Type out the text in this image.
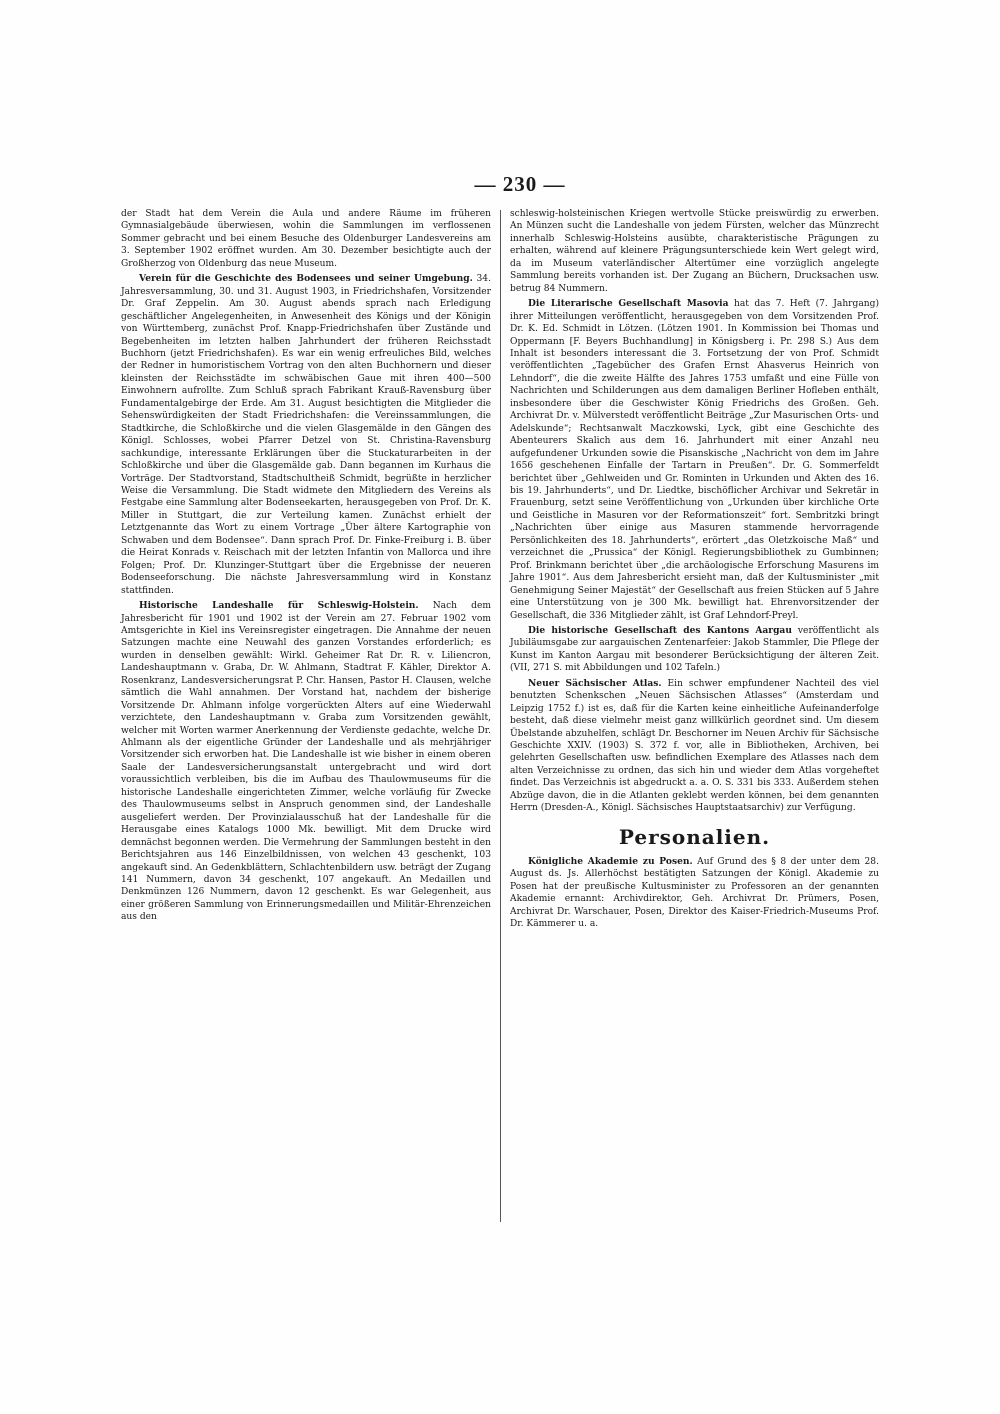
— 230 —

der Stadt hat dem Verein die Aula und andere Räume im früheren Gymnasialgebäude überwiesen, wohin die Sammlungen im verflossenen Sommer gebracht und bei einem Besuche des Oldenburger Landesvereins am 3. September 1902 eröffnet wurden. Am 30. Dezember besichtigte auch der Großherzog von Oldenburg das neue Museum.

Verein für die Geschichte des Bodensees und seiner Umgebung. 34. Jahresversammlung, 30. und 31. August 1903, in Friedrichshafen, Vorsitzender Dr. Graf Zeppelin. Am 30. August abends sprach nach Erledigung geschäftlicher Angelegenheiten, in Anwesenheit des Königs und der Königin von Württemberg, zunächst Prof. Knapp-Friedrichshafen über Zustände und Begebenheiten im letzten halben Jahrhundert der früheren Reichsstadt Buchhorn (jetzt Friedrichshafen). Es war ein wenig erfreuliches Bild, welches der Redner in humoristischem Vortrag von den alten Buchhornern und dieser kleinsten der Reichsstädte im schwäbischen Gaue mit ihren 400—500 Einwohnern aufrollte. Zum Schluß sprach Fabrikant Krauß-Ravensburg über Fundamentalgebirge der Erde. Am 31. August besichtigten die Mitglieder die Sehenswürdigkeiten der Stadt Friedrichshafen: die Vereinssammlungen, die Stadtkirche, die Schloßkirche und die vielen Glasgemälde in den Gängen des Königl. Schlosses, wobei Pfarrer Detzel von St. Christina-Ravensburg sachkundige, interessante Erklärungen über die Stuckaturarbeiten in der Schloßkirche und über die Glasgemälde gab. Dann begannen im Kurhaus die Vorträge. Der Stadtvorstand, Stadtschultheiß Schmidt, begrüßte in herzlicher Weise die Versammlung. Die Stadt widmete den Mitgliedern des Vereins als Festgabe eine Sammlung alter Bodenseekarten, herausgegeben von Prof. Dr. K. Miller in Stuttgart, die zur Verteilung kamen. Zunächst erhielt der Letztgenannte das Wort zu einem Vortrage „Über ältere Kartographie von Schwaben und dem Bodensee“. Dann sprach Prof. Dr. Finke-Freiburg i. B. über die Heirat Konrads v. Reischach mit der letzten Infantin von Mallorca und ihre Folgen; Prof. Dr. Klunzinger-Stuttgart über die Ergebnisse der neueren Bodenseeforschung. Die nächste Jahresversammlung wird in Konstanz stattfinden.

Historische Landeshalle für Schleswig-Holstein. Nach dem Jahresbericht für 1901 und 1902 ist der Verein am 27. Februar 1902 vom Amtsgerichte in Kiel ins Vereinsregister eingetragen. Die Annahme der neuen Satzungen machte eine Neuwahl des ganzen Vorstandes erforderlich; es wurden in denselben gewählt: Wirkl. Geheimer Rat Dr. R. v. Liliencron, Landeshauptmann v. Graba, Dr. W. Ahlmann, Stadtrat F. Kähler, Direktor A. Rosenkranz, Landesversicherungsrat P. Chr. Hansen, Pastor H. Clausen, welche sämtlich die Wahl annahmen. Der Vorstand hat, nachdem der bisherige Vorsitzende Dr. Ahlmann infolge vorgerückten Alters auf eine Wiederwahl verzichtete, den Landeshauptmann v. Graba zum Vorsitzenden gewählt, welcher mit Worten warmer Anerkennung der Verdienste gedachte, welche Dr. Ahlmann als der eigentliche Gründer der Landeshalle und als mehrjähriger Vorsitzender sich erworben hat. Die Landeshalle ist wie bisher in einem oberen Saale der Landesversicherungsanstalt untergebracht und wird dort voraussichtlich verbleiben, bis die im Aufbau des Thaulowmuseums für die historische Landeshalle eingerichteten Zimmer, welche vorläufig für Zwecke des Thaulowmuseums selbst in Anspruch genommen sind, der Landeshalle ausgeliefert werden. Der Provinzialausschuß hat der Landeshalle für die Herausgabe eines Katalogs 1000 Mk. bewilligt. Mit dem Drucke wird demnächst begonnen werden. Die Vermehrung der Sammlungen besteht in den Berichtsjahren aus 146 Einzelbildnissen, von welchen 43 geschenkt, 103 angekauft sind. An Gedenkblättern, Schlachtenbildern usw. beträgt der Zugang 141 Nummern, davon 34 geschenkt, 107 angekauft. An Medaillen und Denkmünzen 126 Nummern, davon 12 geschenkt. Es war Gelegenheit, aus einer größeren Sammlung von Erinnerungsmedaillen und Militär-Ehrenzeichen aus den

schleswig-holsteinischen Kriegen wertvolle Stücke preiswürdig zu erwerben. An Münzen sucht die Landeshalle von jedem Fürsten, welcher das Münzrecht innerhalb Schleswig-Holsteins ausübte, charakteristische Prägungen zu erhalten, während auf kleinere Prägungsunterschiede kein Wert gelegt wird, da im Museum vaterländischer Altertümer eine vorzüglich angelegte Sammlung bereits vorhanden ist. Der Zugang an Büchern, Drucksachen usw. betrug 84 Nummern.

Die Literarische Gesellschaft Masovia hat das 7. Heft (7. Jahrgang) ihrer Mitteilungen veröffentlicht, herausgegeben von dem Vorsitzenden Prof. Dr. K. Ed. Schmidt in Lötzen. (Lötzen 1901. In Kommission bei Thomas und Oppermann [F. Beyers Buchhandlung] in Königsberg i. Pr. 298 S.) Aus dem Inhalt ist besonders interessant die 3. Fortsetzung der von Prof. Schmidt veröffentlichten „Tagebücher des Grafen Ernst Ahasverus Heinrich von Lehndorf“, die die zweite Hälfte des Jahres 1753 umfaßt und eine Fülle von Nachrichten und Schilderungen aus dem damaligen Berliner Hofleben enthält, insbesondere über die Geschwister König Friedrichs des Großen. Geh. Archivrat Dr. v. Mülverstedt veröffentlicht Beiträge „Zur Masurischen Orts- und Adelskunde“; Rechtsanwalt Maczkowski, Lyck, gibt eine Geschichte des Abenteurers Skalich aus dem 16. Jahrhundert mit einer Anzahl neu aufgefundener Urkunden sowie die Pisanskische „Nachricht von dem im Jahre 1656 geschehenen Einfalle der Tartarn in Preußen“. Dr. G. Sommerfeldt berichtet über „Gehlweiden und Gr. Rominten in Urkunden und Akten des 16. bis 19. Jahrhunderts“, und Dr. Liedtke, bischöflicher Archivar und Sekretär in Frauenburg, setzt seine Veröffentlichung von „Urkunden über kirchliche Orte und Geistliche in Masuren vor der Reformationszeit“ fort. Sembritzki bringt „Nachrichten über einige aus Masuren stammende hervorragende Persönlichkeiten des 18. Jahrhunderts“, erörtert „das Oletzkoische Maß“ und verzeichnet die „Prussica“ der Königl. Regierungsbibliothek zu Gumbinnen; Prof. Brinkmann berichtet über „die archäologische Erforschung Masurens im Jahre 1901“. Aus dem Jahresbericht ersieht man, daß der Kultusminister „mit Genehmigung Seiner Majestät“ der Gesellschaft aus freien Stücken auf 5 Jahre eine Unterstützung von je 300 Mk. bewilligt hat. Ehrenvorsitzender der Gesellschaft, die 336 Mitglieder zählt, ist Graf Lehndorf-Preyl.

Die historische Gesellschaft des Kantons Aargau veröffentlicht als Jubiläumsgabe zur aargauischen Zentenarfeier: Jakob Stammler, Die Pflege der Kunst im Kanton Aargau mit besonderer Berücksichtigung der älteren Zeit. (VII, 271 S. mit Abbildungen und 102 Tafeln.)

Neuer Sächsischer Atlas. Ein schwer empfundener Nachteil des viel benutzten Schenkschen „Neuen Sächsischen Atlasses“ (Amsterdam und Leipzig 1752 f.) ist es, daß für die Karten keine einheitliche Aufeinanderfolge besteht, daß diese vielmehr meist ganz willkürlich geordnet sind. Um diesem Übelstande abzuhelfen, schlägt Dr. Beschorner im Neuen Archiv für Sächsische Geschichte XXIV. (1903) S. 372 f. vor, alle in Bibliotheken, Archiven, bei gelehrten Gesellschaften usw. befindlichen Exemplare des Atlasses nach dem alten Verzeichnisse zu ordnen, das sich hin und wieder dem Atlas vorgeheftet findet. Das Verzeichnis ist abgedruckt a. a. O. S. 331 bis 333. Außerdem stehen Abzüge davon, die in die Atlanten geklebt werden können, bei dem genannten Herrn (Dresden-A., Königl. Sächsisches Hauptstaatsarchiv) zur Verfügung.

Personalien.

Königliche Akademie zu Posen. Auf Grund des § 8 der unter dem 28. August ds. Js. Allerhöchst bestätigten Satzungen der Königl. Akademie zu Posen hat der preußische Kultusminister zu Professoren an der genannten Akademie ernannt: Archivdirektor, Geh. Archivrat Dr. Prümers, Posen, Archivrat Dr. Warschauer, Posen, Direktor des Kaiser-Friedrich-Museums Prof. Dr. Kämmerer u. a.
